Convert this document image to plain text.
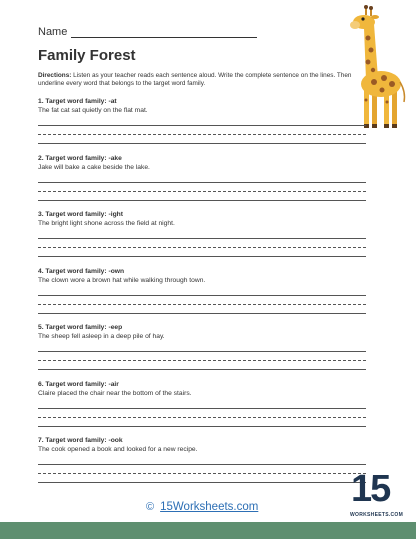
Name
Family Forest
Directions: Listen as your teacher reads each sentence aloud. Write the complete sentence on the lines. Then underline every word that belongs to the target word family.
1. Target word family: -at
The fat cat sat quietly on the flat mat.
2. Target word family: -ake
Jake will bake a cake beside the lake.
3. Target word family: -ight
The bright light shone across the field at night.
4. Target word family: -own
The clown wore a brown hat while walking through town.
5. Target word family: -eep
The sheep fell asleep in a deep pile of hay.
6. Target word family: -air
Claire placed the chair near the bottom of the stairs.
7. Target word family: -ook
The cook opened a book and looked for a new recipe.
© 15Worksheets.com 15
WORKSHEETS.COM
